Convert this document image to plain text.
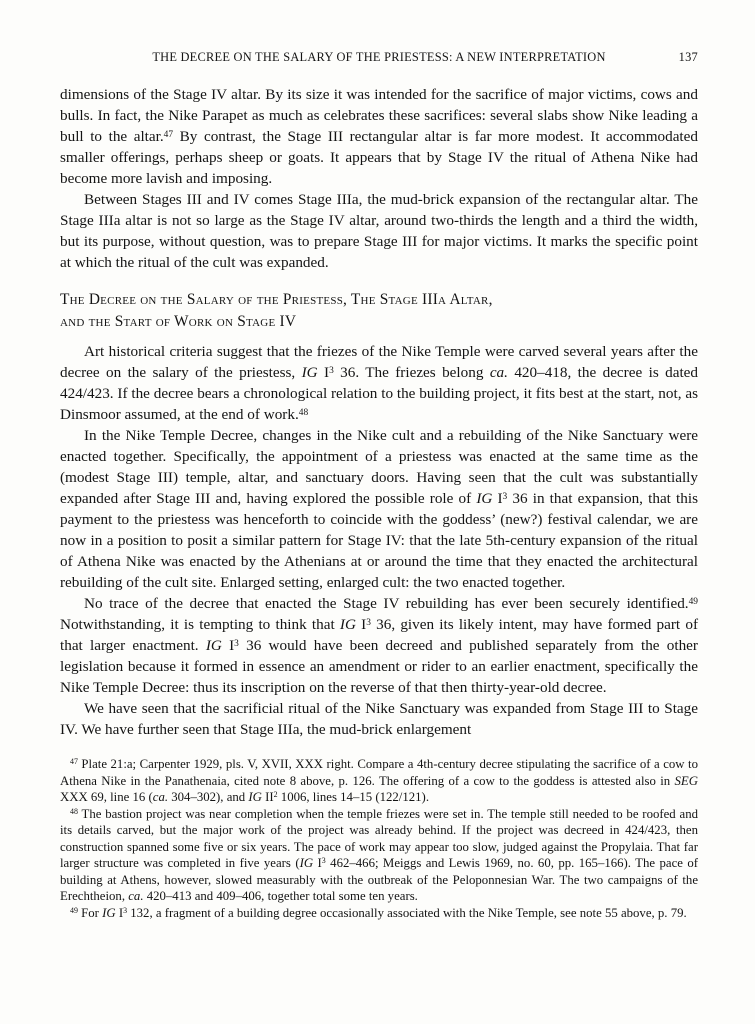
THE DECREE ON THE SALARY OF THE PRIESTESS: A NEW INTERPRETATION	137

dimensions of the Stage IV altar. By its size it was intended for the sacrifice of major victims, cows and bulls. In fact, the Nike Parapet as much as celebrates these sacrifices: several slabs show Nike leading a bull to the altar.$^{47}$ By contrast, the Stage III rectangular altar is far more modest. It accommodated smaller offerings, perhaps sheep or goats. It appears that by Stage IV the ritual of Athena Nike had become more lavish and imposing.

Between Stages III and IV comes Stage IIIa, the mud-brick expansion of the rectangular altar. The Stage IIIa altar is not so large as the Stage IV altar, around two-thirds the length and a third the width, but its purpose, without question, was to prepare Stage III for major victims. It marks the specific point at which the ritual of the cult was expanded.

The Decree on the Salary of the Priestess, The Stage IIIa Altar,
and the Start of Work on Stage IV

Art historical criteria suggest that the friezes of the Nike Temple were carved several years after the decree on the salary of the priestess, IG $I^3$ 36. The friezes belong ca. 420–418, the decree is dated 424/423. If the decree bears a chronological relation to the building project, it fits best at the start, not, as Dinsmoor assumed, at the end of work.$^{48}$

In the Nike Temple Decree, changes in the Nike cult and a rebuilding of the Nike Sanctuary were enacted together. Specifically, the appointment of a priestess was enacted at the same time as the (modest Stage III) temple, altar, and sanctuary doors. Having seen that the cult was substantially expanded after Stage III and, having explored the possible role of IG $I^3$ 36 in that expansion, that this payment to the priestess was henceforth to coincide with the goddess’ (new?) festival calendar, we are now in a position to posit a similar pattern for Stage IV: that the late 5th-century expansion of the ritual of Athena Nike was enacted by the Athenians at or around the time that they enacted the architectural rebuilding of the cult site. Enlarged setting, enlarged cult: the two enacted together.

No trace of the decree that enacted the Stage IV rebuilding has ever been securely identified.$^{49}$ Notwithstanding, it is tempting to think that IG $I^3$ 36, given its likely intent, may have formed part of that larger enactment. IG $I^3$ 36 would have been decreed and published separately from the other legislation because it formed in essence an amendment or rider to an earlier enactment, specifically the Nike Temple Decree: thus its inscription on the reverse of that then thirty-year-old decree.

We have seen that the sacrificial ritual of the Nike Sanctuary was expanded from Stage III to Stage IV. We have further seen that Stage IIIa, the mud-brick enlargement

$^{47}$ Plate 21:a; Carpenter 1929, pls. V, XVII, XXX right. Compare a 4th-century decree stipulating the sacrifice of a cow to Athena Nike in the Panathenaia, cited note 8 above, p. 126. The offering of a cow to the goddess is attested also in SEG XXX 69, line 16 (ca. 304–302), and IG $II^2$ 1006, lines 14–15 (122/121).

$^{48}$ The bastion project was near completion when the temple friezes were set in. The temple still needed to be roofed and its details carved, but the major work of the project was already behind. If the project was decreed in 424/423, then construction spanned some five or six years. The pace of work may appear too slow, judged against the Propylaia. That far larger structure was completed in five years (IG $I^3$ 462–466; Meiggs and Lewis 1969, no. 60, pp. 165–166). The pace of building at Athens, however, slowed measurably with the outbreak of the Peloponnesian War. The two campaigns of the Erechtheion, ca. 420–413 and 409–406, together total some ten years.

$^{49}$ For IG $I^3$ 132, a fragment of a building degree occasionally associated with the Nike Temple, see note 55 above, p. 79.
